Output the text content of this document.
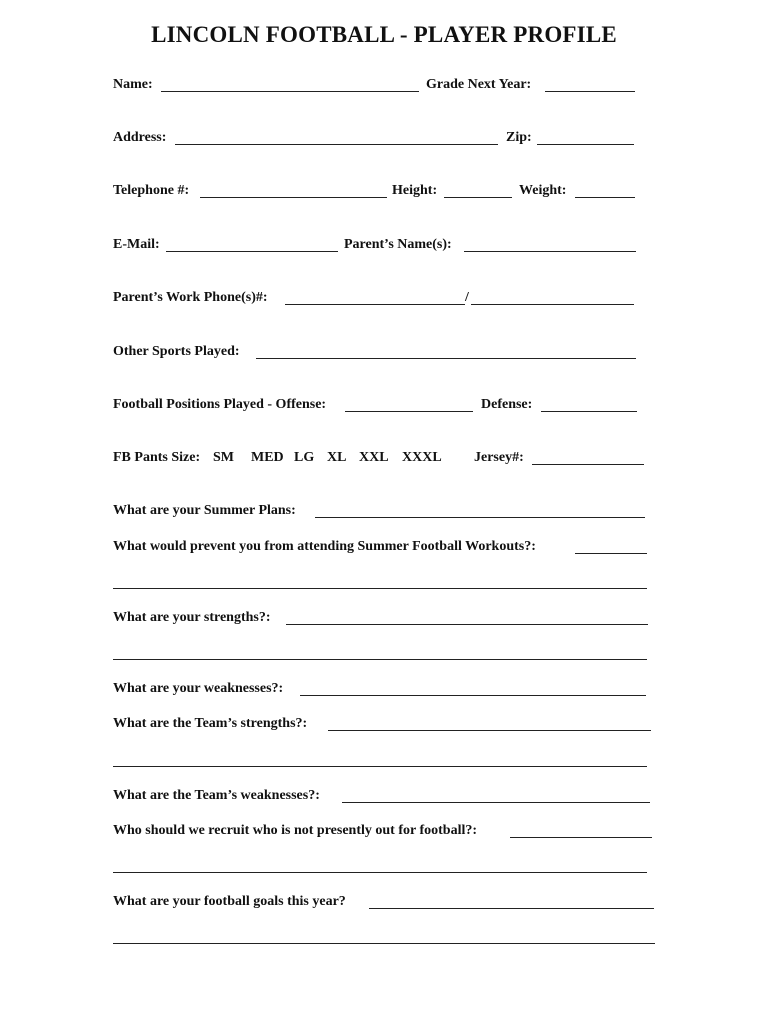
LINCOLN FOOTBALL - PLAYER PROFILE
Name:	Grade Next Year:
Address:	Zip:
Telephone #:	Height:	Weight:
E-Mail:	Parent’s Name(s):
Parent’s Work Phone(s)#:	/
Other Sports Played:
Football Positions Played - Offense:	Defense:
FB Pants Size: SM MED LG XL XXL XXXL Jersey#:
What are your Summer Plans:
What would prevent you from attending Summer Football Workouts?:
What are your strengths?:
What are your weaknesses?:
What are the Team’s strengths?:
What are the Team’s weaknesses?:
Who should we recruit who is not presently out for football?:
What are your football goals this year?
